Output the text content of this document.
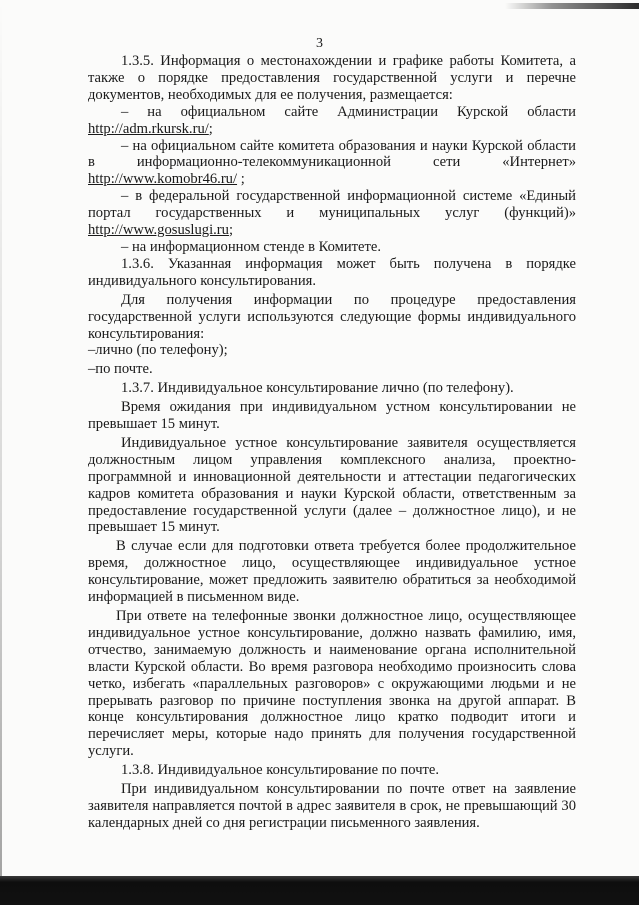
3

1.3.5. Информация о местонахождении и графике работы Комитета, а также о порядке предоставления государственной услуги и перечне документов, необходимых для ее получения, размещается:

– на официальном сайте Администрации Курской области http://adm.rkursk.ru/;

– на официальном сайте комитета образования и науки Курской области в информационно-телекоммуникационной сети «Интернет» http://www.komobr46.ru/ ;

– в федеральной государственной информационной системе «Единый портал государственных и муниципальных услуг (функций)» http://www.gosuslugi.ru;

– на информационном стенде в Комитете.

1.3.6. Указанная информация может быть получена в порядке индивидуального консультирования.

Для получения информации по процедуре предоставления государственной услуги используются следующие формы индивидуального консультирования:

–лично (по телефону);

–по почте.

1.3.7. Индивидуальное консультирование лично (по телефону).

Время ожидания при индивидуальном устном консультировании не превышает 15 минут.

Индивидуальное устное консультирование заявителя осуществляется должностным лицом управления комплексного анализа, проектно-программной и инновационной деятельности и аттестации педагогических кадров комитета образования и науки Курской области, ответственным за предоставление государственной услуги (далее – должностное лицо), и не превышает 15 минут.

В случае если для подготовки ответа требуется более продолжительное время, должностное лицо, осуществляющее индивидуальное устное консультирование, может предложить заявителю обратиться за необходимой информацией в письменном виде.

При ответе на телефонные звонки должностное лицо, осуществляющее индивидуальное устное консультирование, должно назвать фамилию, имя, отчество, занимаемую должность и наименование органа исполнительной власти Курской области. Во время разговора необходимо произносить слова четко, избегать «параллельных разговоров» с окружающими людьми и не прерывать разговор по причине поступления звонка на другой аппарат. В конце консультирования должностное лицо кратко подводит итоги и перечисляет меры, которые надо принять для получения государственной услуги.

1.3.8. Индивидуальное консультирование по почте.

При индивидуальном консультировании по почте ответ на заявление заявителя направляется почтой в адрес заявителя в срок, не превышающий 30 календарных дней со дня регистрации письменного заявления.
